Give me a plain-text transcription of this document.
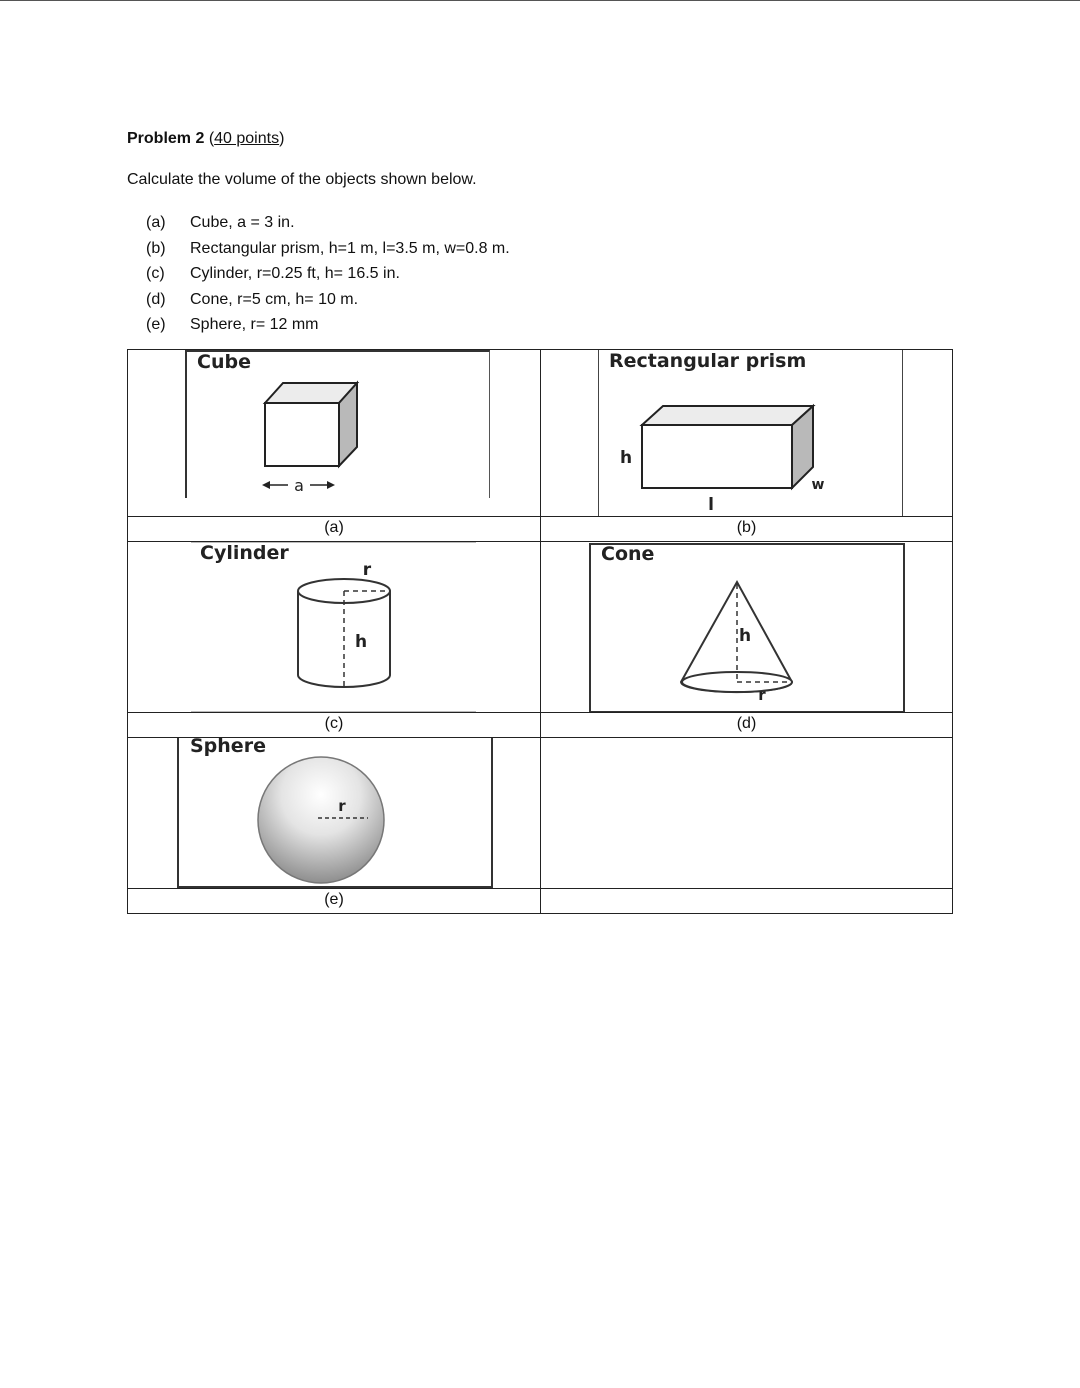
Problem 2 (40 points)
Calculate the volume of the objects shown below.
(a)	Cube, a = 3 in.
(b)	Rectangular prism, h=1 m, l=3.5 m, w=0.8 m.
(c)	Cylinder, r=0.25 ft, h= 16.5 in.
(d)	Cone, r=5 cm, h= 10 m.
(e)	Sphere, r= 12 mm
Cube
a
Rectangular prism
h
l
w
(a)	(b)
Cylinder
r
h
Cone
h
r
(c)	(d)
Sphere
r
(e)
